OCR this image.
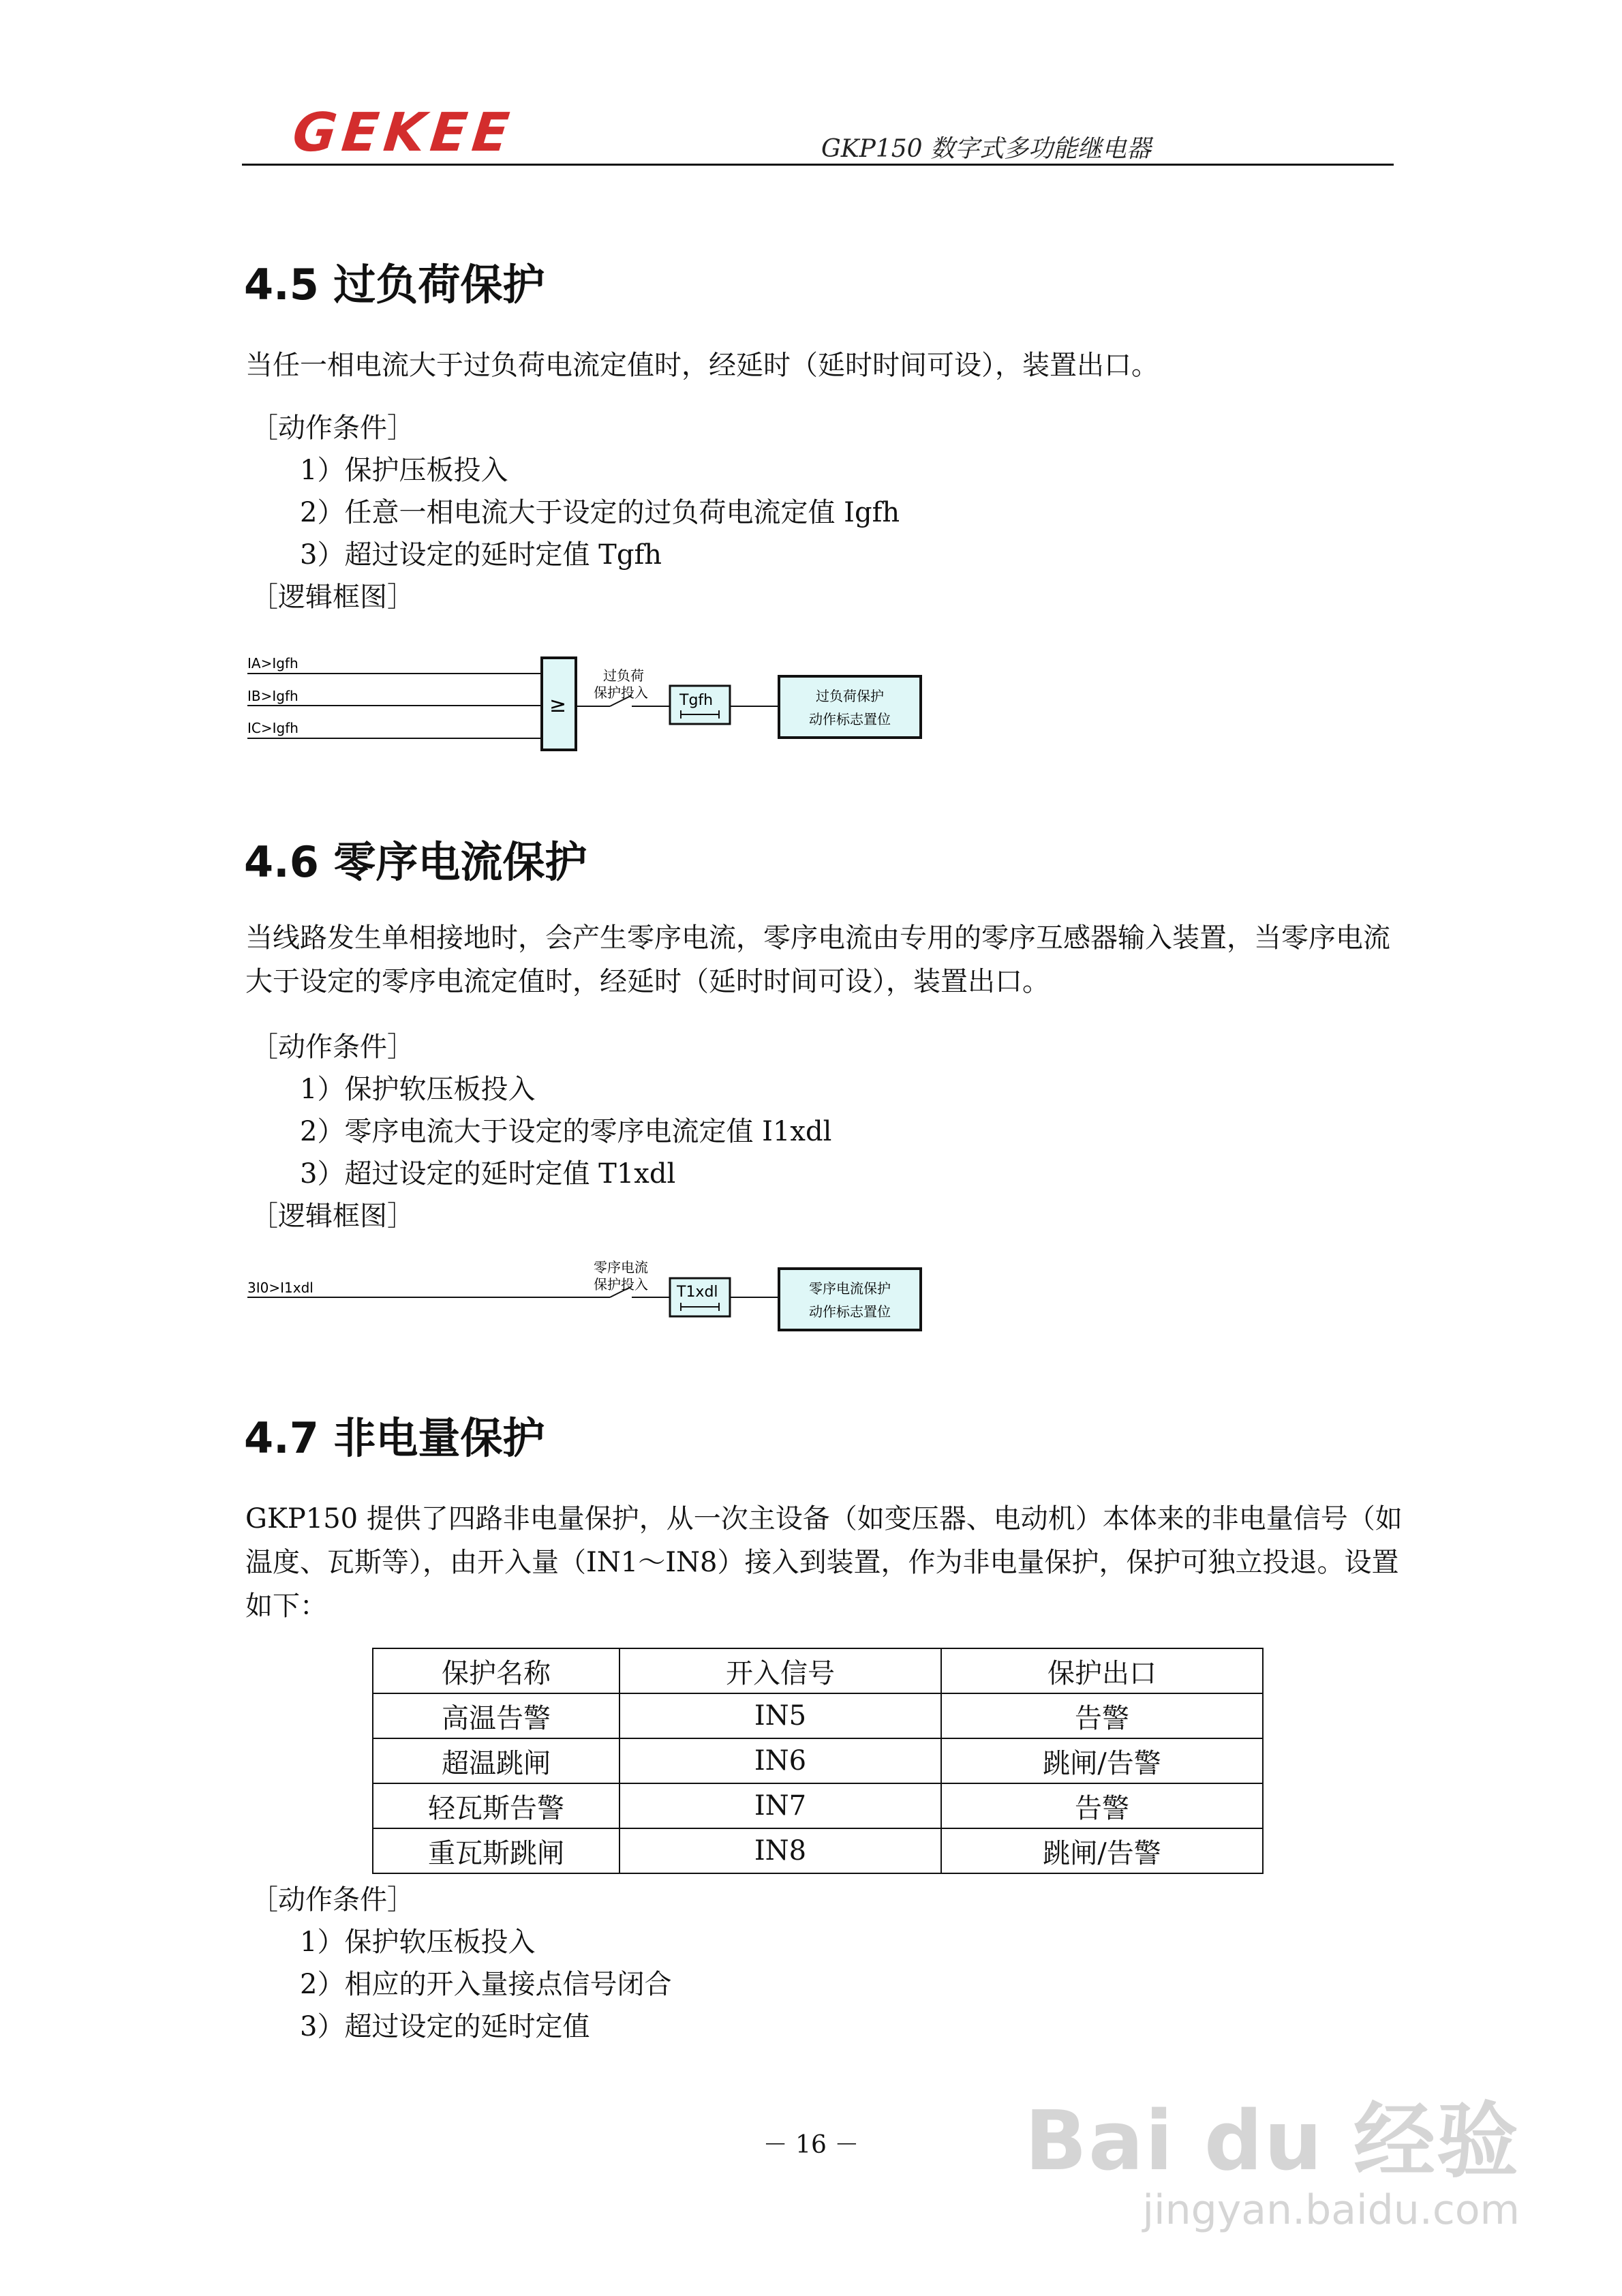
GEKEE	GKP150 数字式多功能继电器
4.5 过负荷保护
当任一相电流大于过负荷电流定值时，经延时（延时时间可设），装置出口。
［动作条件］
1）保护压板投入
2）任意一相电流大于设定的过负荷电流定值 Igfh
3）超过设定的延时定值 Tgfh
［逻辑框图］
IA>Igfh
IB>Igfh
IC>Igfh
≥
过负荷
保护投入 Tgfh	过负荷保护
动作标志置位
4.6 零序电流保护
当线路发生单相接地时，会产生零序电流，零序电流由专用的零序互感器输入装置，当零序电流大于设定的零序电流定值时，经延时（延时时间可设），装置出口。
［动作条件］
1）保护软压板投入
2）零序电流大于设定的零序电流定值 I1xdl
3）超过设定的延时定值 T1xdl
［逻辑框图］
3I0>I1xdl
零序电流
保护投入 T1xdl	零序电流保护
动作标志置位
4.7 非电量保护
GKP150 提供了四路非电量保护，从一次主设备（如变压器、电动机）本体来的非电量信号（如温度、瓦斯等），由开入量（IN1～IN8）接入到装置，作为非电量保护，保护可独立投退。设置如下：
保护名称	开入信号	保护出口
高温告警	IN5	告警
超温跳闸	IN6	跳闸/告警
轻瓦斯告警	IN7	告警
重瓦斯跳闸	IN8	跳闸/告警
［动作条件］
1）保护软压板投入
2）相应的开入量接点信号闭合
3）超过设定的延时定值
－ 16 －	Bai du 经验
jingyan.baidu.com
